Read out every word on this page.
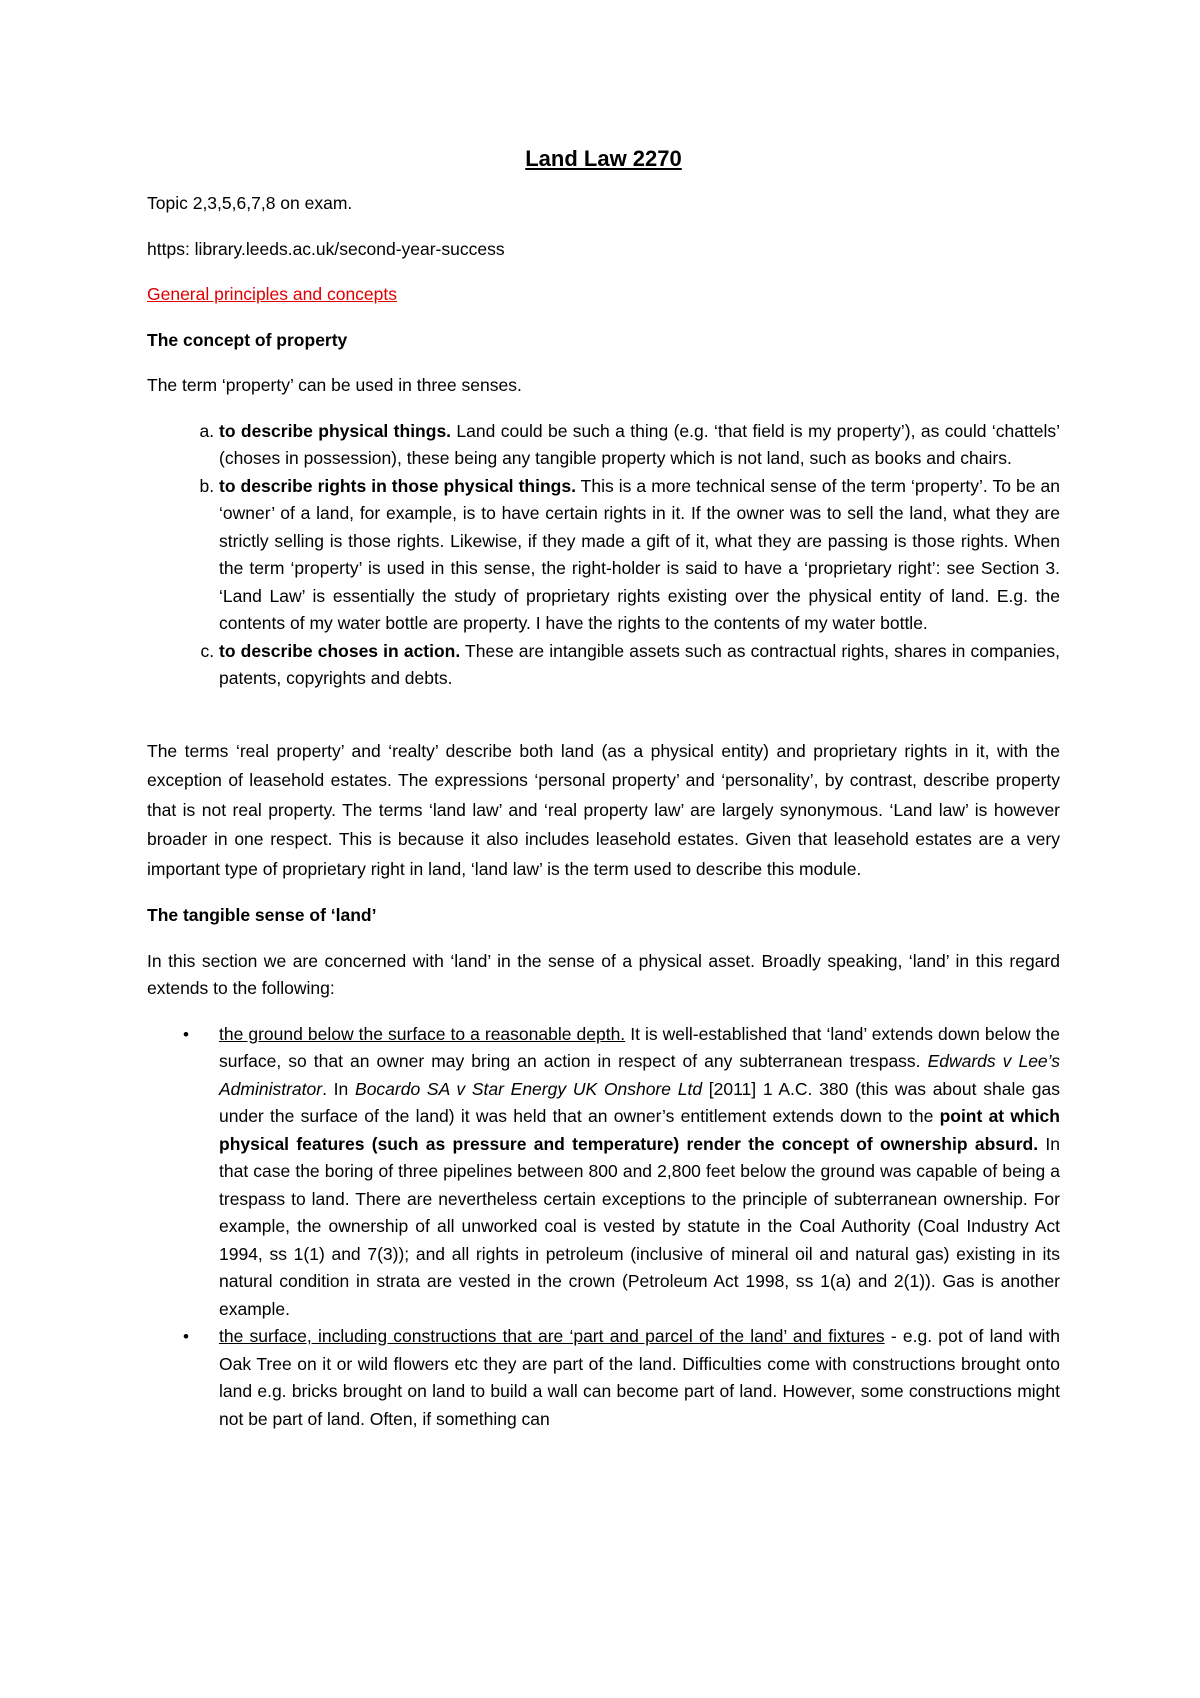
Land Law 2270

Topic 2,3,5,6,7,8 on exam.

https: library.leeds.ac.uk/second-year-success

General principles and concepts

The concept of property

The term ‘property’ can be used in three senses.

a. to describe physical things. Land could be such a thing (e.g. ‘that field is my property’), as could ‘chattels’ (choses in possession), these being any tangible property which is not land, such as books and chairs.
b. to describe rights in those physical things. This is a more technical sense of the term ‘property’. To be an ‘owner’ of a land, for example, is to have certain rights in it. If the owner was to sell the land, what they are strictly selling is those rights. Likewise, if they made a gift of it, what they are passing is those rights. When the term ‘property’ is used in this sense, the right-holder is said to have a ‘proprietary right’: see Section 3. ‘Land Law’ is essentially the study of proprietary rights existing over the physical entity of land. E.g. the contents of my water bottle are property. I have the rights to the contents of my water bottle.
c. to describe choses in action. These are intangible assets such as contractual rights, shares in companies, patents, copyrights and debts.

The terms ‘real property’ and ‘realty’ describe both land (as a physical entity) and proprietary rights in it, with the exception of leasehold estates. The expressions ‘personal property’ and ‘personality’, by contrast, describe property that is not real property. The terms ‘land law’ and ‘real property law’ are largely synonymous. ‘Land law’ is however broader in one respect. This is because it also includes leasehold estates. Given that leasehold estates are a very important type of proprietary right in land, ‘land law’ is the term used to describe this module.

The tangible sense of ‘land’

In this section we are concerned with ‘land’ in the sense of a physical asset. Broadly speaking, ‘land’ in this regard extends to the following:

• the ground below the surface to a reasonable depth. It is well-established that ‘land’ extends down below the surface, so that an owner may bring an action in respect of any subterranean trespass. Edwards v Lee’s Administrator. In Bocardo SA v Star Energy UK Onshore Ltd [2011] 1 A.C. 380 (this was about shale gas under the surface of the land) it was held that an owner’s entitlement extends down to the point at which physical features (such as pressure and temperature) render the concept of ownership absurd. In that case the boring of three pipelines between 800 and 2,800 feet below the ground was capable of being a trespass to land. There are nevertheless certain exceptions to the principle of subterranean ownership. For example, the ownership of all unworked coal is vested by statute in the Coal Authority (Coal Industry Act 1994, ss 1(1) and 7(3)); and all rights in petroleum (inclusive of mineral oil and natural gas) existing in its natural condition in strata are vested in the crown (Petroleum Act 1998, ss 1(a) and 2(1)). Gas is another example.
• the surface, including constructions that are ‘part and parcel of the land’ and fixtures - e.g. pot of land with Oak Tree on it or wild flowers etc they are part of the land. Difficulties come with constructions brought onto land e.g. bricks brought on land to build a wall can become part of land. However, some constructions might not be part of land. Often, if something can
